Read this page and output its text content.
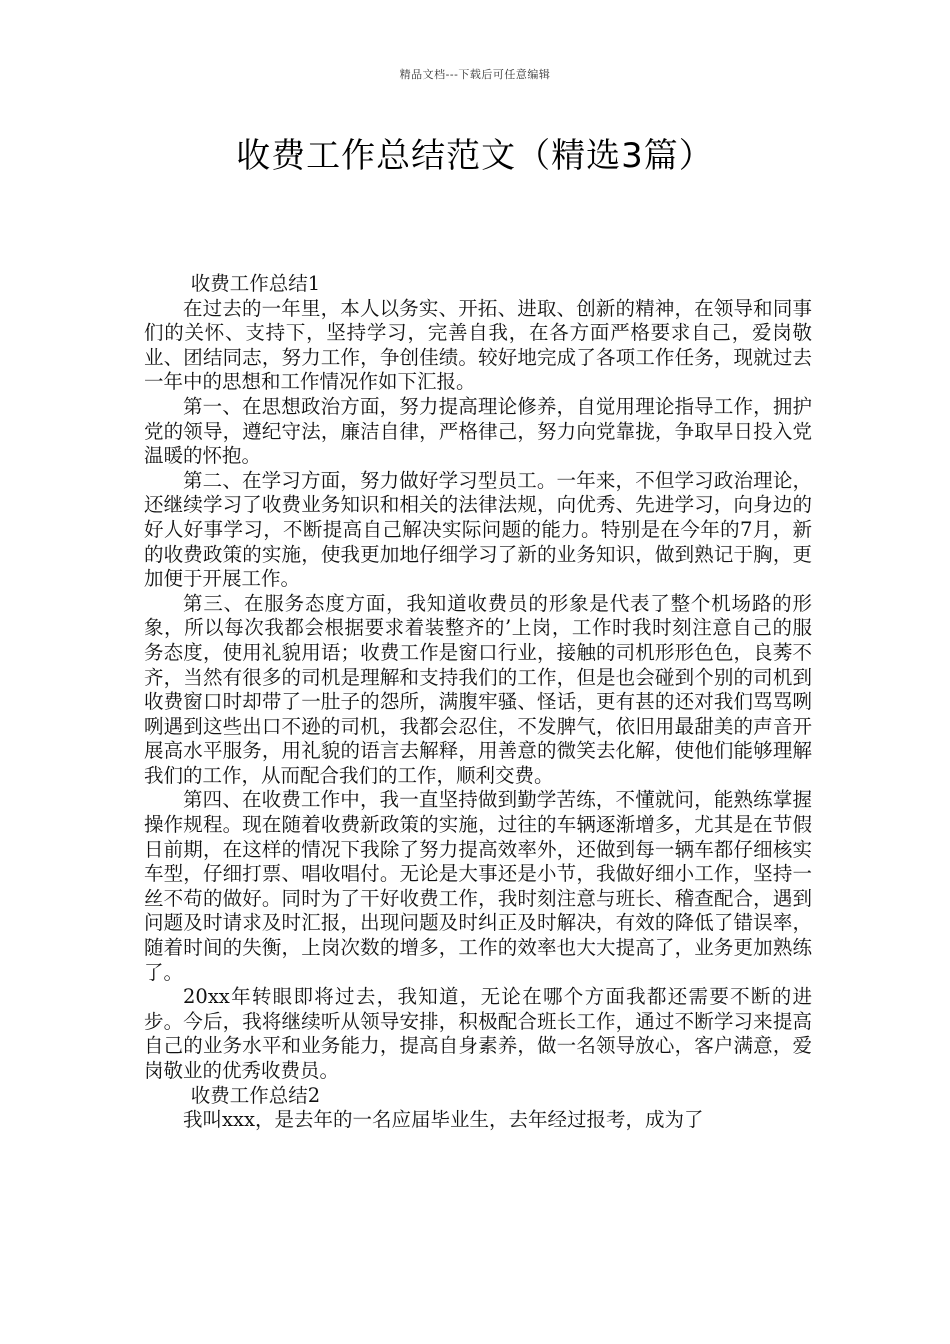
精品文档---下载后可任意编辑
收费工作总结范文（精选3篇）

收费工作总结1

在过去的一年里，本人以务实、开拓、进取、创新的精神，在领导和同事们的关怀、支持下，坚持学习，完善自我，在各方面严格要求自己，爱岗敬业、团结同志，努力工作，争创佳绩。较好地完成了各项工作任务，现就过去一年中的思想和工作情况作如下汇报。

第一、在思想政治方面，努力提高理论修养，自觉用理论指导工作，拥护党的领导，遵纪守法，廉洁自律，严格律己，努力向党靠拢，争取早日投入党温暖的怀抱。

第二、在学习方面，努力做好学习型员工。一年来，不但学习政治理论，还继续学习了收费业务知识和相关的法律法规，向优秀、先进学习，向身边的好人好事学习，不断提高自己解决实际问题的能力。特别是在今年的7月，新的收费政策的实施，使我更加地仔细学习了新的业务知识，做到熟记于胸，更加便于开展工作。

第三、在服务态度方面，我知道收费员的形象是代表了整个机场路的形象，所以每次我都会根据要求着装整齐的’上岗，工作时我时刻注意自己的服务态度，使用礼貌用语；收费工作是窗口行业，接触的司机形形色色，良莠不齐，当然有很多的司机是理解和支持我们的工作，但是也会碰到个别的司机到收费窗口时却带了一肚子的怨所，满腹牢骚、怪话，更有甚的还对我们骂骂咧咧遇到这些出口不逊的司机，我都会忍住，不发脾气，依旧用最甜美的声音开展高水平服务，用礼貌的语言去解释，用善意的微笑去化解，使他们能够理解我们的工作，从而配合我们的工作，顺利交费。

第四、在收费工作中，我一直坚持做到勤学苦练，不懂就问，能熟练掌握操作规程。现在随着收费新政策的实施，过往的车辆逐渐增多，尤其是在节假日前期，在这样的情况下我除了努力提高效率外，还做到每一辆车都仔细核实车型，仔细打票、唱收唱付。无论是大事还是小节，我做好细小工作，坚持一丝不苟的做好。同时为了干好收费工作，我时刻注意与班长、稽查配合，遇到问题及时请求及时汇报，出现问题及时纠正及时解决，有效的降低了错误率，随着时间的失衡，上岗次数的增多，工作的效率也大大提高了，业务更加熟练了。

20xx年转眼即将过去，我知道，无论在哪个方面我都还需要不断的进步。今后，我将继续听从领导安排，积极配合班长工作，通过不断学习来提高自己的业务水平和业务能力，提高自身素养，做一名领导放心，客户满意，爱岗敬业的优秀收费员。

收费工作总结2

我叫xxx，是去年的一名应届毕业生，去年经过报考，成为了
